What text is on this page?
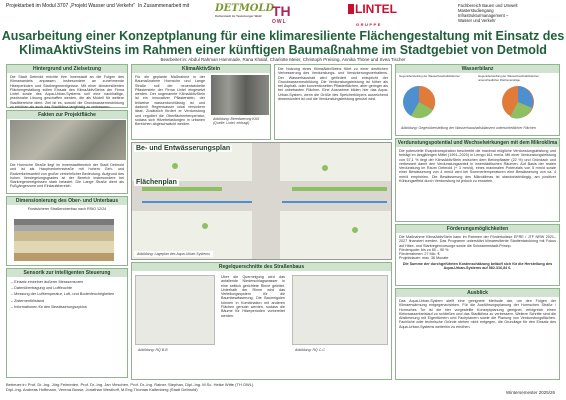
Projektarbeit im Modul 3707 „Projekt Wasser und Verkehr“ In Zusammenarbeit mit	DETMOLD
Kulturstadt im Teutoburger Wald TH
OWL
LINTEL
GRUPPE
Fachbereich Bauen und Umwelt
Masterstudiengang
Infrastrukturmanagement –
Wasser und Verkehr
Ausarbeitung einer Konzeptplanung für eine klimaresiliente Flächengestaltung mit Einsatz des
KlimaAktivSteins im Rahmen einer künftigen Baumaßnahme im Stadtgebiet von Detmold
Bearbeiter:in: Abdul Rahman Hammade, Rana Khalaf, Charlotte Meier, Christoph Preising, Annika Thöne und Svea Tischer
Hintergrund und Zielsetzung
Die Stadt Detmold möchte ihre Innenstadt an die Folgen des Klimawandels anpassen, insbesondere an zunehmende Hitzeperioden und Starkregenereignisse. Mit einer klimaresilienten Flächengestaltung sollen Einsatz des KlimaAktivSteins der Firma Lintel sowie des Aqua-Urban-Systems soll eine nachhaltige, praxisnahe Lösung geschaffen werden, die als Modell für weitere Stadtbereiche dient. Ziel ist es, sowohl die Grundwasserneubildung zu erhöhen als auch das Stadtklima langfristig zu verbessern.
Fakten zur Projektfläche
Die Hornsche Straße liegt im Innenstadtbereich der Stadt Detmold und ist als Hauptverkehrsstraße mit hohem Geh- und Radverkehrsanteil von großer verkehrlicher Bedeutung. Aufgrund des hohen Versiegelungsgrades ist der Bereich insbesondere bei Starkregenereignissen stark belastet. Die Lange Straße dient als Fußgängerzone und Einkaufsbereich.
Dimensionierung des Ober- und Unterbaus
Frostsicherer Straßenoberbau nach RStO 12/24
Sensorik zur intelligenten Steuerung
– Einsatz einzelner äußerer Messsensoren
– Datenübertragung und Luftfeuchte
– Messung der Lufttemperatur, Luft- und Bodenfeuchtigkeiten
– Zisternenfüllstand
– Informationen für den Bewässerungszyklus
KlimaAktivStein
Für die geplante Maßnahme in der Baumaßnahme Hornsche und Lange Straße soll der neuentwickelte Pflasterstein der Firma Lintel eingesetzt werden. Der sogenannte KlimaAktivStein ist ein innovativer Pflasterstein, der teilweise wasserdurchlässig ist und dadurch Regenwasser lokal versickern lässt. Zusätzlich fördert er Verdunstung und reguliert die Oberflächentemperatur, sodass sich Hitzebelastungen in urbanen Bereichen abgeschwächt werden.
Abbildung: Beredwerong KAS (Quelle: Lintel, eintragt)
Die Nutzung eines KlimaAktivSteins führt zu einer deutlichen Verbesserung des Verdunstungs- und Versickerungsverhaltens. Der Wasserhaushalt wird gefördert und entspricht der Grundwasserneubildung. Die Verdunstungsleistung ist höher als bei Asphalt- oder konventionellen Pflasterflächen, aber geringer als bei unbebauten Flächen. Eine Ausnahme bilden hier das Aqua-Urban-System, wenn die Größe des Speicherkörpers ausreichend dimensioniert ist und die Verdunstungsleistung genutzt wird.
Be- und Entwässerungsplan
Flächenplan
Abbildung: Lageplan des Aqua-Urban-Systems
Regelquerschnitte des Straßenbaus
Abbildung: RQ B-B
Über die Querneigung wird das anfallende Niederschlagswasser in eine seitlich gerichtete Rinne geleitet. Unterhalb der Rinne wird das Verteilungssystem für die Baumbewässerung. Die Baumrigolen können in Kombination mit anderen Flächen genutzt werden, sodass die Bäume für Hitzeperioden vorbereitet werden.
Abbildung: RQ C-C
Wasserbilanz
Gegenüberstellung der Wasserhaushaltsbilanzen	Gegenüberstellung der Wasserhaushaltsbilanzen unterschiedlicher Flächeneinträge
Abbildung: Gegenüberstellung der Wasserhaushaltsbilanzen unterschiedlicher Flächen
Verdunstungspotential und Wechselwirkungen mit dem Mikroklima
Die potenzielle Evapotranspiration beschreibt die maximal mögliche Verdunstungsleistung und beträgt im langjährigen Mittel (1991–2020) in Lemgo 611 mm/a. Mit einer Verdunstungsleistung von 57,1 % liegt der KlimaAktivStein zwischen dem Betonpflaster (22 %) und Gründach und verbessert damit den Verdunstungsanteil in innerstädtischen Räumen. Auf Basis der realen Verdunstung im Raum Detmold (+ 3 mm/d), eines maximalen Potenzials von 5 mm/d sowie einer Bewässerung von 4 mm/d wird bei Sommertemperaturen eine Bewässerung von ca. 4 mm/d empfohlen. Die Bewässerung des Mikroklimas ist standortabhängig, am positiver Kühlungseffekt durch Verdunstung ist jedoch zu erwarten.
Förderungsmöglichkeiten
Die Maßnahme KlimaAktivStein kann im Rahmen der Förderkulisse EFRE / JTF NRW 2021–2027 finanziert werden. Das Programm unterstützt klimaresiliente Stadtentwicklung mit Fokus auf Hitze- und Starkregenvorsorge sowie die Schwammstadt-Prinzip.
Förderquote: bis zu 80 – 90 %
Förderrahmen: 27 Mio. €
Projektdauer: max. 36 Monate
Die Summe der durchgeführten Kostenschätzung beläuft sich für die Herstellung des Aqua-Urban-Systems auf 582.316,84 €.
Ausblick
Das Aqua-Urban-System stellt eine geeignete Methode dar, um den Folgen der Klimaerwärmung entgegenzuwirken. Für die Ausführungsplanung der Hornschen Straße / Hornsches Tor ist die hier vorgestellte Konzeptplanung geeignet, erfolgreich einen Kleinwasserkreislauf zu schließen und das Stadtklima zu verbessern. Weitere Schritte sind die Abstimmung mit Eigentümern und Fachplanern sowie die Planung von Verdunstungsflächen. Fachliche oder technische Gründe stehen nicht entgegen, die Grundlage für den Einsatz des Aqua-Urban-Systems weiterhin zu erhöhen.
Betreuer:in: Prof. Dr.-Ing. Jörg Felmeden, Prof. Dr.-Ing. Jan Vieschen, Prof. Dr.-Ing. Rainer. Stephan, Dipl.-Ing. M.Sc. Heike Witte (TH OWL)
Dipl.-Ing. Andreas Hoffmann, Verena Busse, Jonathan Westhoff, M.Eng Thomas Kaltenberg (Stadt Detmold)
Wintersemester 2025/26
